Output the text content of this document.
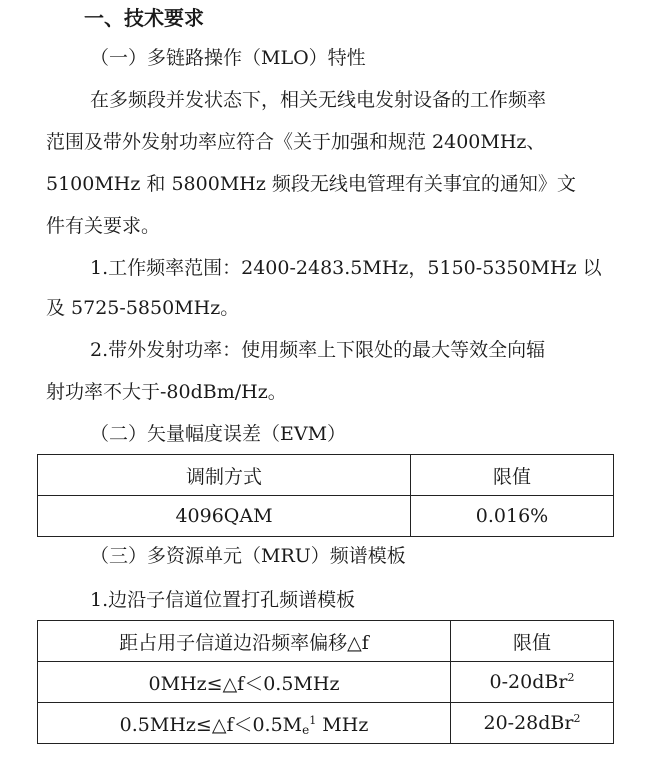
一、技术要求
（一）多链路操作（MLO）特性
在多频段并发状态下，相关无线电发射设备的工作频率
范围及带外发射功率应符合《关于加强和规范 2400MHz、
5100MHz 和 5800MHz 频段无线电管理有关事宜的通知》文
件有关要求。
1.工作频率范围：2400-2483.5MHz，5150-5350MHz 以
及 5725-5850MHz。
2.带外发射功率：使用频率上下限处的最大等效全向辐
射功率不大于-80dBm/Hz。
（二）矢量幅度误差（EVM）
调制方式	限值
4096QAM	0.016%
（三）多资源单元（MRU）频谱模板
1.边沿子信道位置打孔频谱模板
距占用子信道边沿频率偏移△f	限值
0MHz≤△f＜0.5MHz	0-20dBr$^2$
$0.5MHz\le\triangle f<0.5Me^1$ MHz	20-28dBr$^2$
